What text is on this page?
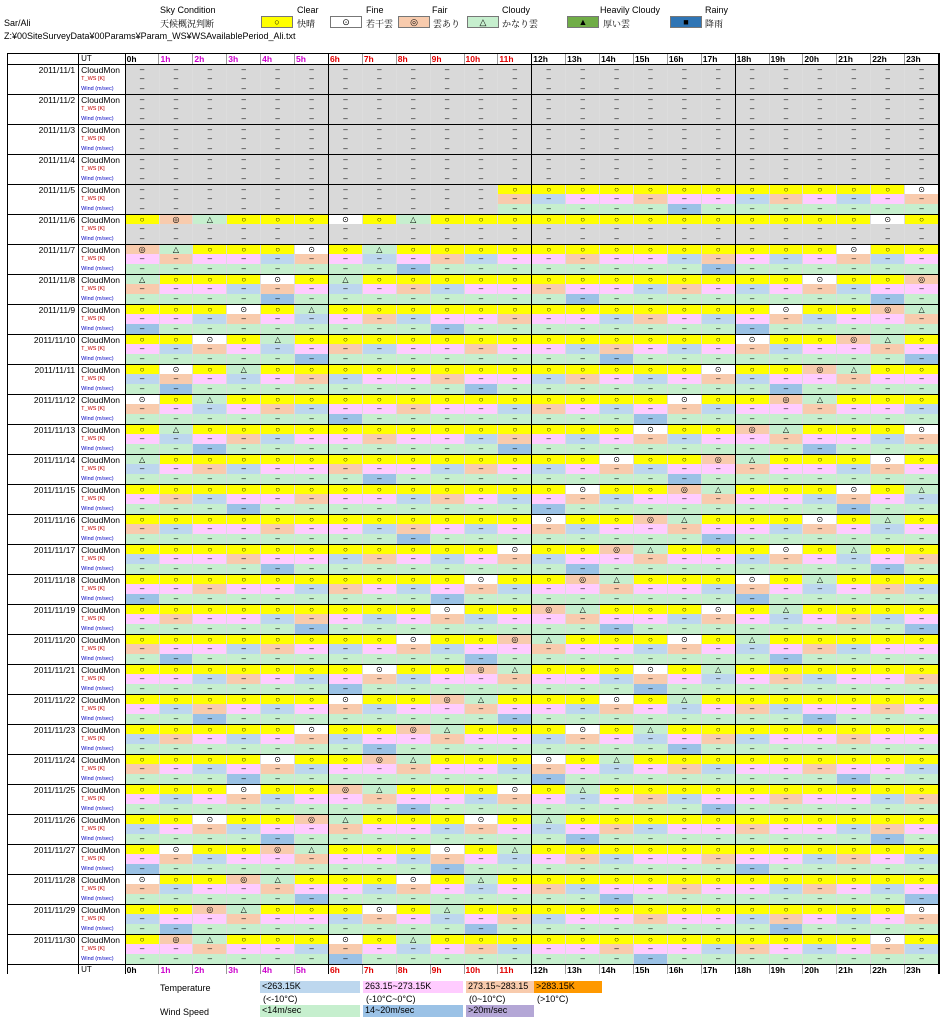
Sar/Ali
Z:¥00SiteSurveyData¥00Params¥Param_WS¥WSAvailablePeriod_Ali.txt
Sky Condition
天候概況判断
Clear
○	快晴
Fine
⊙	若干雲
Fair
◎	雲あり
Cloudy
△	かなり雲
Heavily Cloudy
▲	厚い雲
Rainy
■	降雨
UT	0h	1h	2h	3h	4h	5h	6h	7h	8h	9h	10h	11h	12h	13h	14h	15h	16h	17h	18h	19h	20h	21h	22h	23h
2011/11/1 CloudMon	–	–	–	–	–	–	–	–	–	–	–	–	–	–	–	–	–	–	–	–	–	–	–	–
T_WS [K]	–	–	–	–	–	–	–	–	–	–	–	–	–	–	–	–	–	–	–	–	–	–	–	–
Wind (m/sec)	–	–	–	–	–	–	–	–	–	–	–	–	–	–	–	–	–	–	–	–	–	–	–	–
2011/11/2 CloudMon	–	–	–	–	–	–	–	–	–	–	–	–	–	–	–	–	–	–	–	–	–	–	–	–
T_WS [K]	–	–	–	–	–	–	–	–	–	–	–	–	–	–	–	–	–	–	–	–	–	–	–	–
Wind (m/sec)	–	–	–	–	–	–	–	–	–	–	–	–	–	–	–	–	–	–	–	–	–	–	–	–
2011/11/3 CloudMon	–	–	–	–	–	–	–	–	–	–	–	–	–	–	–	–	–	–	–	–	–	–	–	–
T_WS [K]	–	–	–	–	–	–	–	–	–	–	–	–	–	–	–	–	–	–	–	–	–	–	–	–
Wind (m/sec)	–	–	–	–	–	–	–	–	–	–	–	–	–	–	–	–	–	–	–	–	–	–	–	–
2011/11/4 CloudMon	–	–	–	–	–	–	–	–	–	–	–	–	–	–	–	–	–	–	–	–	–	–	–	–
T_WS [K]	–	–	–	–	–	–	–	–	–	–	–	–	–	–	–	–	–	–	–	–	–	–	–	–
Wind (m/sec)	–	–	–	–	–	–	–	–	–	–	–	–	–	–	–	–	–	–	–	–	–	–	–	–
2011/11/5 CloudMon	–	–	–	–	–	–	–	–	–	–	–	○	○	○	○	○	○	○	○	○	○	○	○	⊙
T_WS [K]	–	–	–	–	–	–	–	–	–	–	–	–	–	–	–	–	–	–	–	–	–	–	–	–
Wind (m/sec)	–	–	–	–	–	–	–	–	–	–	–	–	–	–	–	–	–	–	–	–	–	–	–	–
2011/11/6 CloudMon	○	◎	△	○	○	○	⊙	○	△	○	○	○	○	○	○	○	○	○	○	○	○	○	⊙	○
T_WS [K]	–	–	–	–	–	–	–	–	–	–	–	–	–	–	–	–	–	–	–	–	–	–	–	–
Wind (m/sec)	–	–	–	–	–	–	–	–	–	–	–	–	–	–	–	–	–	–	–	–	–	–	–	–
2011/11/7 CloudMon	◎	△	○	○	○	⊙	○	△	○	○	○	○	○	○	○	○	○	○	○	○	○	⊙	○	○
T_WS [K]	–	–	–	–	–	–	–	–	–	–	–	–	–	–	–	–	–	–	–	–	–	–	–	–
Wind (m/sec)	–	–	–	–	–	–	–	–	–	–	–	–	–	–	–	–	–	–	–	–	–	–	–	–
2011/11/8 CloudMon	△	○	○	○	⊙	○	△	○	○	○	○	○	○	○	○	○	○	○	○	○	⊙	○	○	◎
T_WS [K]	–	–	–	–	–	–	–	–	–	–	–	–	–	–	–	–	–	–	–	–	–	–	–	–
Wind (m/sec)	–	–	–	–	–	–	–	–	–	–	–	–	–	–	–	–	–	–	–	–	–	–	–	–
2011/11/9 CloudMon	○	○	○	⊙	○	△	○	○	○	○	○	○	○	○	○	○	○	○	○	⊙	○	○	◎	△
T_WS [K]	–	–	–	–	–	–	–	–	–	–	–	–	–	–	–	–	–	–	–	–	–	–	–	–
Wind (m/sec)	–	–	–	–	–	–	–	–	–	–	–	–	–	–	–	–	–	–	–	–	–	–	–	–
2011/11/10 CloudMon	○	○	⊙	○	△	○	○	○	○	○	○	○	○	○	○	○	○	○	⊙	○	○	◎	△	○
T_WS [K]	–	–	–	–	–	–	–	–	–	–	–	–	–	–	–	–	–	–	–	–	–	–	–	–
Wind (m/sec)	–	–	–	–	–	–	–	–	–	–	–	–	–	–	–	–	–	–	–	–	–	–	–	–
2011/11/11 CloudMon	○	⊙	○	△	○	○	○	○	○	○	○	○	○	○	○	○	○	⊙	○	○	◎	△	○	○
T_WS [K]	–	–	–	–	–	–	–	–	–	–	–	–	–	–	–	–	–	–	–	–	–	–	–	–
Wind (m/sec)	–	–	–	–	–	–	–	–	–	–	–	–	–	–	–	–	–	–	–	–	–	–	–	–
2011/11/12 CloudMon	⊙	○	△	○	○	○	○	○	○	○	○	○	○	○	○	○	⊙	○	○	◎	△	○	○	○
T_WS [K]	–	–	–	–	–	–	–	–	–	–	–	–	–	–	–	–	–	–	–	–	–	–	–	–
Wind (m/sec)	–	–	–	–	–	–	–	–	–	–	–	–	–	–	–	–	–	–	–	–	–	–	–	–
2011/11/13 CloudMon	○	△	○	○	○	○	○	○	○	○	○	○	○	○	○	⊙	○	○	◎	△	○	○	○	⊙
T_WS [K]	–	–	–	–	–	–	–	–	–	–	–	–	–	–	–	–	–	–	–	–	–	–	–	–
Wind (m/sec)	–	–	–	–	–	–	–	–	–	–	–	–	–	–	–	–	–	–	–	–	–	–	–	–
2011/11/14 CloudMon	△	○	○	○	○	○	○	○	○	○	○	○	○	○	⊙	○	○	◎	△	○	○	○	⊙	○
T_WS [K]	–	–	–	–	–	–	–	–	–	–	–	–	–	–	–	–	–	–	–	–	–	–	–	–
Wind (m/sec)	–	–	–	–	–	–	–	–	–	–	–	–	–	–	–	–	–	–	–	–	–	–	–	–
2011/11/15 CloudMon	○	○	○	○	○	○	○	○	○	○	○	○	○	⊙	○	○	◎	△	○	○	○	⊙	○	△
T_WS [K]	–	–	–	–	–	–	–	–	–	–	–	–	–	–	–	–	–	–	–	–	–	–	–	–
Wind (m/sec)	–	–	–	–	–	–	–	–	–	–	–	–	–	–	–	–	–	–	–	–	–	–	–	–
2011/11/16 CloudMon	○	○	○	○	○	○	○	○	○	○	○	○	⊙	○	○	◎	△	○	○	○	⊙	○	△	○
T_WS [K]	–	–	–	–	–	–	–	–	–	–	–	–	–	–	–	–	–	–	–	–	–	–	–	–
Wind (m/sec)	–	–	–	–	–	–	–	–	–	–	–	–	–	–	–	–	–	–	–	–	–	–	–	–
2011/11/17 CloudMon	○	○	○	○	○	○	○	○	○	○	○	⊙	○	○	◎	△	○	○	○	⊙	○	△	○	○
T_WS [K]	–	–	–	–	–	–	–	–	–	–	–	–	–	–	–	–	–	–	–	–	–	–	–	–
Wind (m/sec)	–	–	–	–	–	–	–	–	–	–	–	–	–	–	–	–	–	–	–	–	–	–	–	–
2011/11/18 CloudMon	○	○	○	○	○	○	○	○	○	○	⊙	○	○	◎	△	○	○	○	⊙	○	△	○	○	○
T_WS [K]	–	–	–	–	–	–	–	–	–	–	–	–	–	–	–	–	–	–	–	–	–	–	–	–
Wind (m/sec)	–	–	–	–	–	–	–	–	–	–	–	–	–	–	–	–	–	–	–	–	–	–	–	–
2011/11/19 CloudMon	○	○	○	○	○	○	○	○	○	⊙	○	○	◎	△	○	○	○	⊙	○	△	○	○	○	○
T_WS [K]	–	–	–	–	–	–	–	–	–	–	–	–	–	–	–	–	–	–	–	–	–	–	–	–
Wind (m/sec)	–	–	–	–	–	–	–	–	–	–	–	–	–	–	–	–	–	–	–	–	–	–	–	–
2011/11/20 CloudMon	○	○	○	○	○	○	○	○	⊙	○	○	◎	△	○	○	○	⊙	○	△	○	○	○	○	○
T_WS [K]	–	–	–	–	–	–	–	–	–	–	–	–	–	–	–	–	–	–	–	–	–	–	–	–
Wind (m/sec)	–	–	–	–	–	–	–	–	–	–	–	–	–	–	–	–	–	–	–	–	–	–	–	–
2011/11/21 CloudMon	○	○	○	○	○	○	○	⊙	○	○	◎	△	○	○	○	⊙	○	△	○	○	○	○	○	○
T_WS [K]	–	–	–	–	–	–	–	–	–	–	–	–	–	–	–	–	–	–	–	–	–	–	–	–
Wind (m/sec)	–	–	–	–	–	–	–	–	–	–	–	–	–	–	–	–	–	–	–	–	–	–	–	–
2011/11/22 CloudMon	○	○	○	○	○	○	⊙	○	○	◎	△	○	○	○	⊙	○	△	○	○	○	○	○	○	○
T_WS [K]	–	–	–	–	–	–	–	–	–	–	–	–	–	–	–	–	–	–	–	–	–	–	–	–
Wind (m/sec)	–	–	–	–	–	–	–	–	–	–	–	–	–	–	–	–	–	–	–	–	–	–	–	–
2011/11/23 CloudMon	○	○	○	○	○	⊙	○	○	◎	△	○	○	○	⊙	○	△	○	○	○	○	○	○	○	○
T_WS [K]	–	–	–	–	–	–	–	–	–	–	–	–	–	–	–	–	–	–	–	–	–	–	–	–
Wind (m/sec)	–	–	–	–	–	–	–	–	–	–	–	–	–	–	–	–	–	–	–	–	–	–	–	–
2011/11/24 CloudMon	○	○	○	○	⊙	○	○	◎	△	○	○	○	⊙	○	△	○	○	○	○	○	○	○	○	○
T_WS [K]	–	–	–	–	–	–	–	–	–	–	–	–	–	–	–	–	–	–	–	–	–	–	–	–
Wind (m/sec)	–	–	–	–	–	–	–	–	–	–	–	–	–	–	–	–	–	–	–	–	–	–	–	–
2011/11/25 CloudMon	○	○	○	⊙	○	○	◎	△	○	○	○	⊙	○	△	○	○	○	○	○	○	○	○	○	○
T_WS [K]	–	–	–	–	–	–	–	–	–	–	–	–	–	–	–	–	–	–	–	–	–	–	–	–
Wind (m/sec)	–	–	–	–	–	–	–	–	–	–	–	–	–	–	–	–	–	–	–	–	–	–	–	–
2011/11/26 CloudMon	○	○	⊙	○	○	◎	△	○	○	○	⊙	○	△	○	○	○	○	○	○	○	○	○	○	○
T_WS [K]	–	–	–	–	–	–	–	–	–	–	–	–	–	–	–	–	–	–	–	–	–	–	–	–
Wind (m/sec)	–	–	–	–	–	–	–	–	–	–	–	–	–	–	–	–	–	–	–	–	–	–	–	–
2011/11/27 CloudMon	○	⊙	○	○	◎	△	○	○	○	⊙	○	△	○	○	○	○	○	○	○	○	○	○	○	○
T_WS [K]	–	–	–	–	–	–	–	–	–	–	–	–	–	–	–	–	–	–	–	–	–	–	–	–
Wind (m/sec)	–	–	–	–	–	–	–	–	–	–	–	–	–	–	–	–	–	–	–	–	–	–	–	–
2011/11/28 CloudMon	⊙	○	○	◎	△	○	○	○	⊙	○	△	○	○	○	○	○	○	○	○	○	○	○	○	○
T_WS [K]	–	–	–	–	–	–	–	–	–	–	–	–	–	–	–	–	–	–	–	–	–	–	–	–
Wind (m/sec)	–	–	–	–	–	–	–	–	–	–	–	–	–	–	–	–	–	–	–	–	–	–	–	–
2011/11/29 CloudMon	○	○	◎	△	○	○	○	⊙	○	△	○	○	○	○	○	○	○	○	○	○	○	○	○	⊙
T_WS [K]	–	–	–	–	–	–	–	–	–	–	–	–	–	–	–	–	–	–	–	–	–	–	–	–
Wind (m/sec)	–	–	–	–	–	–	–	–	–	–	–	–	–	–	–	–	–	–	–	–	–	–	–	–
2011/11/30 CloudMon	○	◎	△	○	○	○	⊙	○	△	○	○	○	○	○	○	○	○	○	○	○	○	○	⊙	○
T_WS [K]	–	–	–	–	–	–	–	–	–	–	–	–	–	–	–	–	–	–	–	–	–	–	–	–
Wind (m/sec)	–	–	–	–	–	–	–	–	–	–	–	–	–	–	–	–	–	–	–	–	–	–	–	–
UT	0h	1h	2h	3h	4h	5h	6h	7h	8h	9h	10h	11h	12h	13h	14h	15h	16h	17h	18h	19h	20h	21h	22h	23h
Temperature
Wind Speed
<263.15K
(<-10°C)
263.15~273.15K
(-10°C~0°C)
273.15~283.15
(0~10°C)
>283.15K
(>10°C)
<14m/sec	14~20m/sec	>20m/sec
